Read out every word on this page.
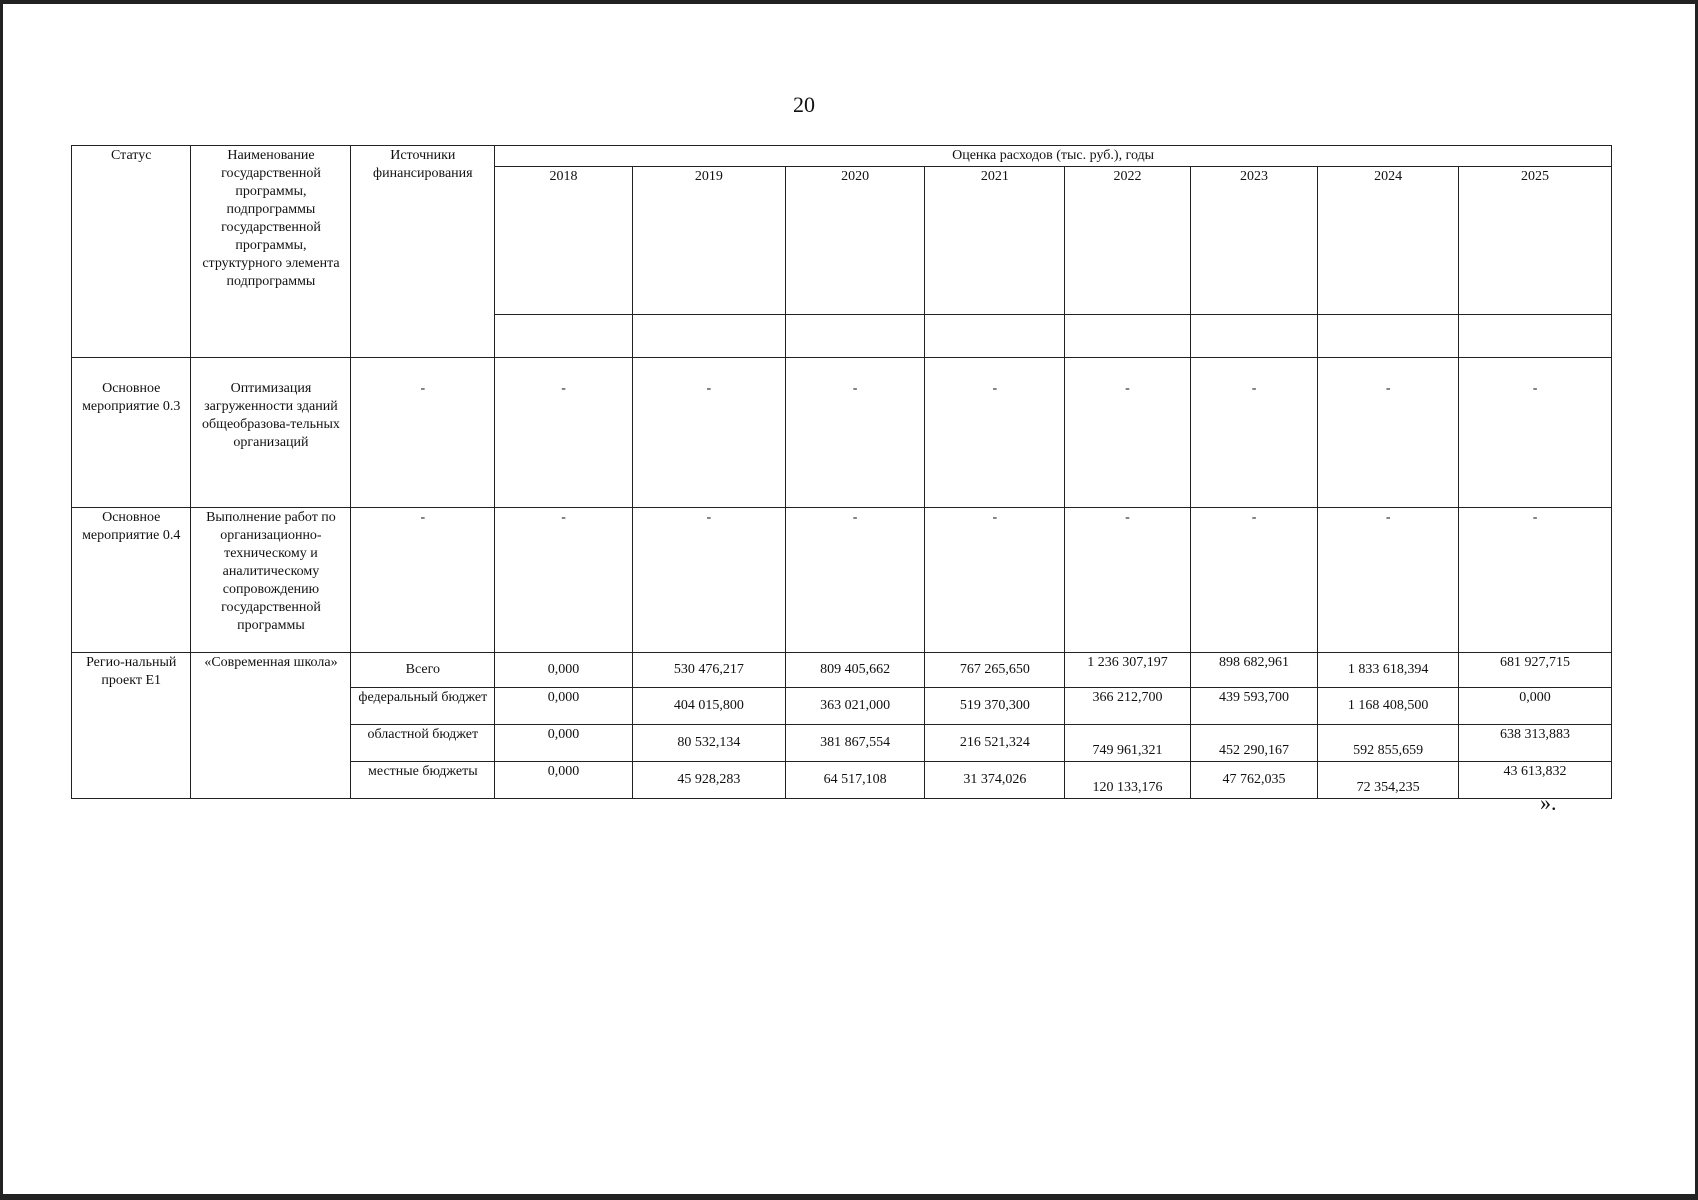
20
Статус	Наименование государственной программы, подпрограммы государственной программы, структурного элемента подпрограммы	Источники финансирования	Оценка расходов (тыс. руб.), годы							
			2018	2019	2020	2021	2022	2023	2024	2025

Основное мероприятие 0.3	Оптимизация загруженности зданий общеобразова-тельных организаций	-	-	-	-	-	-	-	-	-
Основное мероприятие 0.4	Выполнение работ по организационно-техническому и аналитическому сопровождению государственной программы	-	-	-	-	-	-	-	-	-
Регио-нальный проект E1	«Современная школа»	Всего	0,000	530 476,217	809 405,662	767 265,650	1 236 307,197	898 682,961	1 833 618,394	681 927,715
		федеральный бюджет	0,000	404 015,800	363 021,000	519 370,300	366 212,700	439 593,700	1 168 408,500	0,000
		областной бюджет	0,000	80 532,134	381 867,554	216 521,324	749 961,321	452 290,167	592 855,659	638 313,883
		местные бюджеты	0,000	45 928,283	64 517,108	31 374,026	120 133,176	47 762,035	72 354,235	43 613,832
».
